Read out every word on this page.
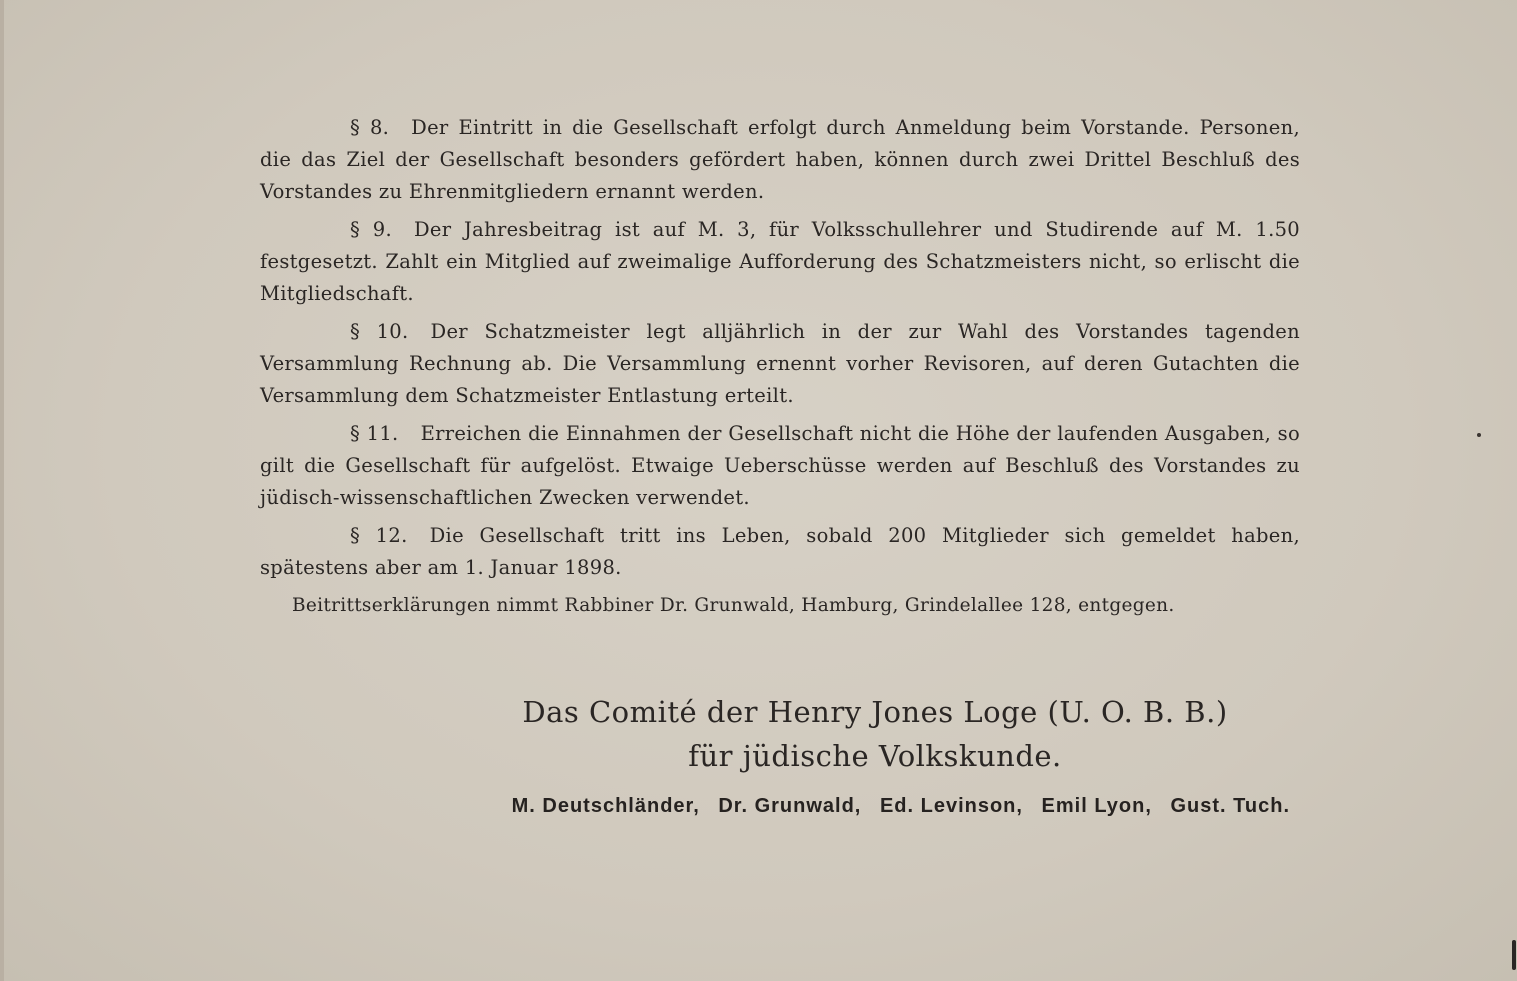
§ 8. Der Eintritt in die Gesellschaft erfolgt durch Anmeldung beim Vorstande. Personen, die das Ziel der Gesellschaft besonders gefördert haben, können durch zwei Drittel Beschluß des Vorstandes zu Ehrenmitgliedern ernannt werden.

§ 9. Der Jahresbeitrag ist auf M. 3, für Volksschullehrer und Studirende auf M. 1.50 festgesetzt. Zahlt ein Mitglied auf zweimalige Aufforderung des Schatzmeisters nicht, so erlischt die Mitgliedschaft.

§ 10. Der Schatzmeister legt alljährlich in der zur Wahl des Vorstandes tagenden Versammlung Rechnung ab. Die Versammlung ernennt vorher Revisoren, auf deren Gutachten die Versammlung dem Schatzmeister Entlastung erteilt.

§ 11. Erreichen die Einnahmen der Gesellschaft nicht die Höhe der laufenden Ausgaben, so gilt die Gesellschaft für aufgelöst. Etwaige Ueberschüsse werden auf Beschluß des Vorstandes zu jüdisch-wissenschaftlichen Zwecken verwendet.

§ 12. Die Gesellschaft tritt ins Leben, sobald 200 Mitglieder sich gemeldet haben, spätestens aber am 1. Januar 1898.

Beitrittserklärungen nimmt Rabbiner Dr. Grunwald, Hamburg, Grindelallee 128, entgegen.

Das Comité der Henry Jones Loge (U. O. B. B.)

für jüdische Volkskunde.

M. Deutschländer, Dr. Grunwald, Ed. Levinson, Emil Lyon, Gust. Tuch.
